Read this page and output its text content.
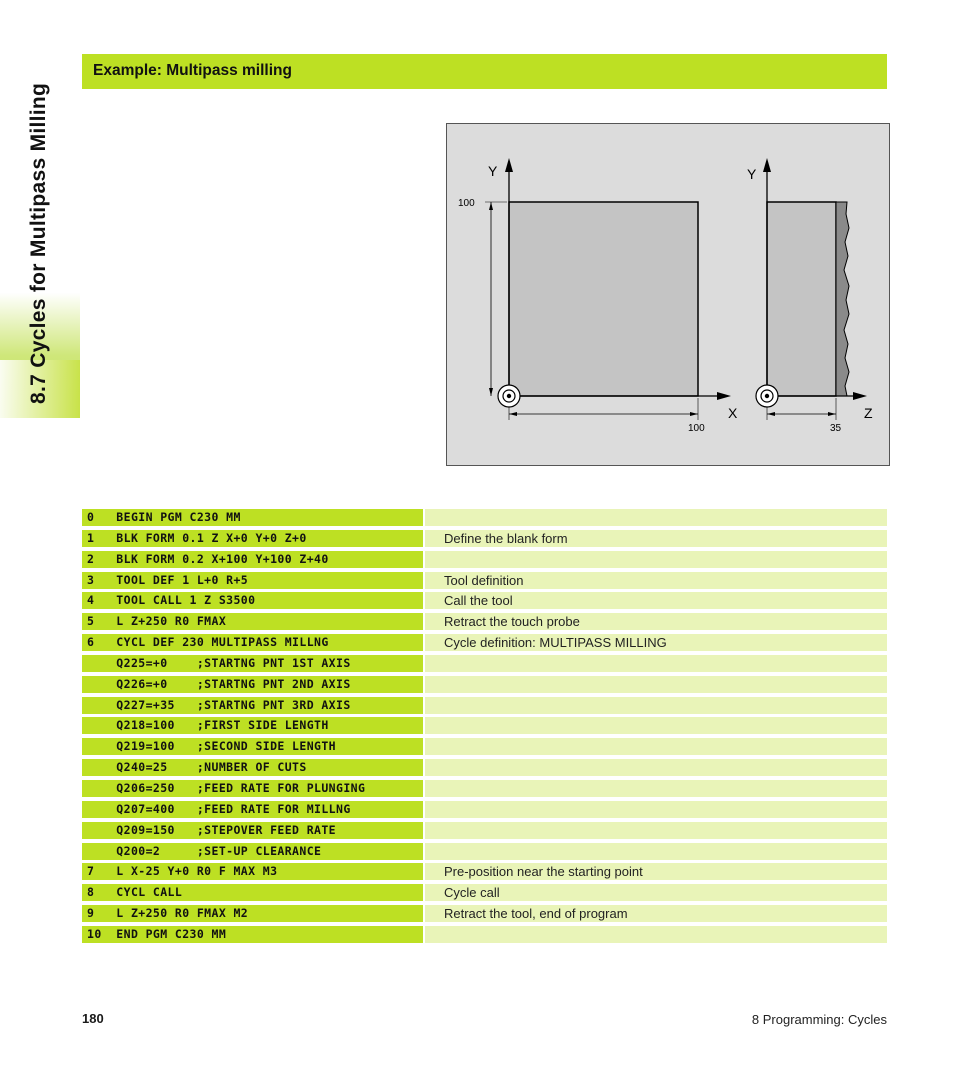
8.7 Cycles for Multipass Milling
Example: Multipass milling
Y
X
100
100
Y
Z
35
0   BEGIN PGM C230 MM
1   BLK FORM 0.1 Z X+0 Y+0 Z+0	Define the blank form
2   BLK FORM 0.2 X+100 Y+100 Z+40
3   TOOL DEF 1 L+0 R+5	Tool definition
4   TOOL CALL 1 Z S3500	Call the tool
5   L Z+250 R0 FMAX	Retract the touch probe
6   CYCL DEF 230 MULTIPASS MILLNG	Cycle definition: MULTIPASS MILLING
Q225=+0    ;STARTNG PNT 1ST AXIS
Q226=+0    ;STARTNG PNT 2ND AXIS
Q227=+35   ;STARTNG PNT 3RD AXIS
Q218=100   ;FIRST SIDE LENGTH
Q219=100   ;SECOND SIDE LENGTH
Q240=25    ;NUMBER OF CUTS
Q206=250   ;FEED RATE FOR PLUNGING
Q207=400   ;FEED RATE FOR MILLNG
Q209=150   ;STEPOVER FEED RATE
Q200=2     ;SET-UP CLEARANCE
7   L X-25 Y+0 R0 F MAX M3	Pre-position near the starting point
8   CYCL CALL	Cycle call
9   L Z+250 R0 FMAX M2	Retract the tool, end of program
10  END PGM C230 MM
180	8 Programming: Cycles
